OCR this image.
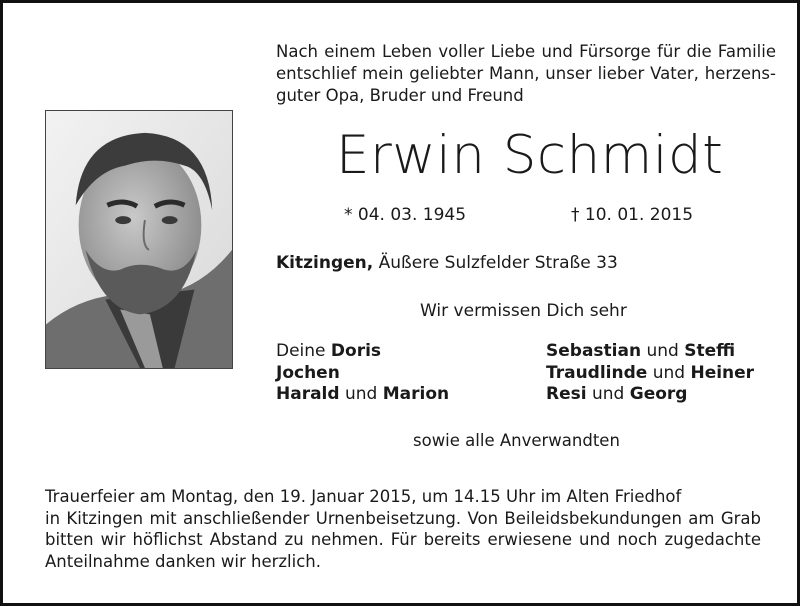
Nach einem Leben voller Liebe und Fürsorge für die Familie
entschlief mein geliebter Mann, unser lieber Vater, herzens-
guter Opa, Bruder und Freund

Erwin Schmidt
* 04. 03. 1945	† 10. 01. 2015
Kitzingen, Äußere Sulzfelder Straße 33
Wir vermissen Dich sehr
Deine Doris
Jochen
Harald und Marion
Sebastian und Steffi
Traudlinde und Heiner
Resi und Georg
sowie alle Anverwandten

Trauerfeier am Montag, den 19. Januar 2015, um 14.15 Uhr im Alten Friedhof
in Kitzingen mit anschließender Urnenbeisetzung. Von Beileidsbekundungen am Grab
bitten wir höflichst Abstand zu nehmen. Für bereits erwiesene und noch zugedachte
Anteilnahme danken wir herzlich.
